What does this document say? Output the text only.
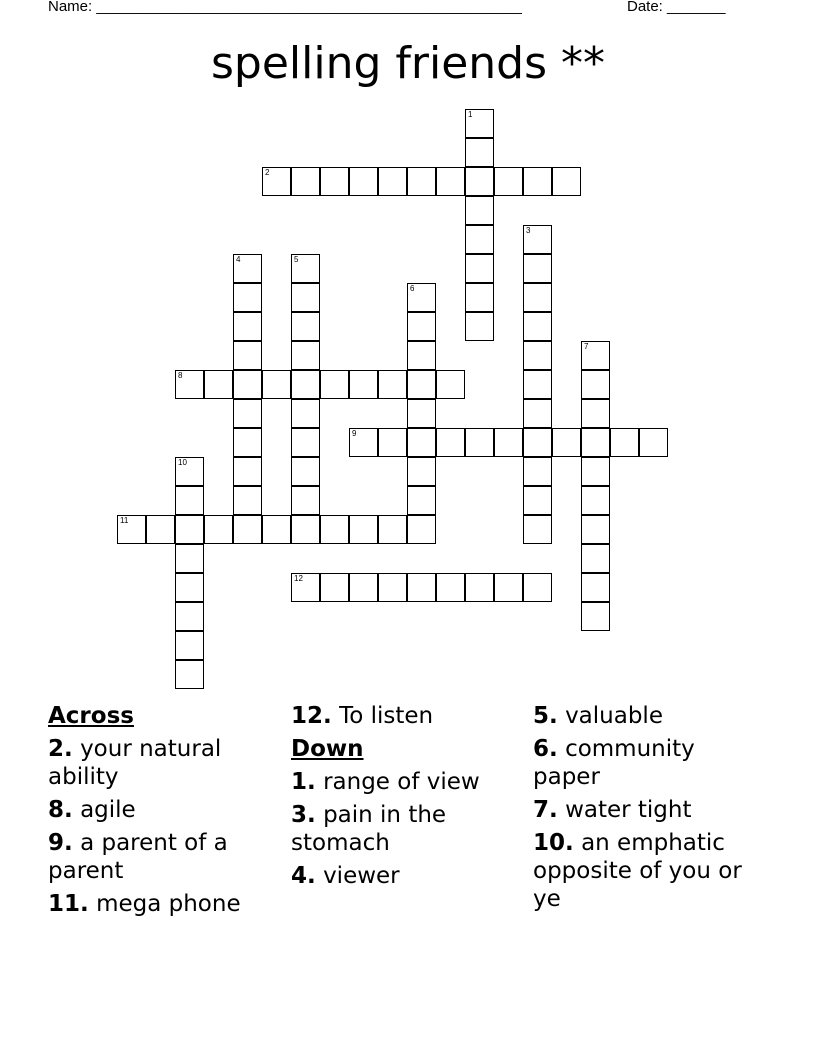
Name: ___________________________________________________	Date: _______
spelling friends **
1
2
3
4	5
6
7
8
9
10
11
12
Across
2. your natural ability
8. agile
9. a parent of a parent
11. mega phone
12. To listen
Down
1. range of view
3. pain in the stomach
4. viewer
5. valuable
6. community paper
7. water tight
10. an emphatic opposite of you or ye
